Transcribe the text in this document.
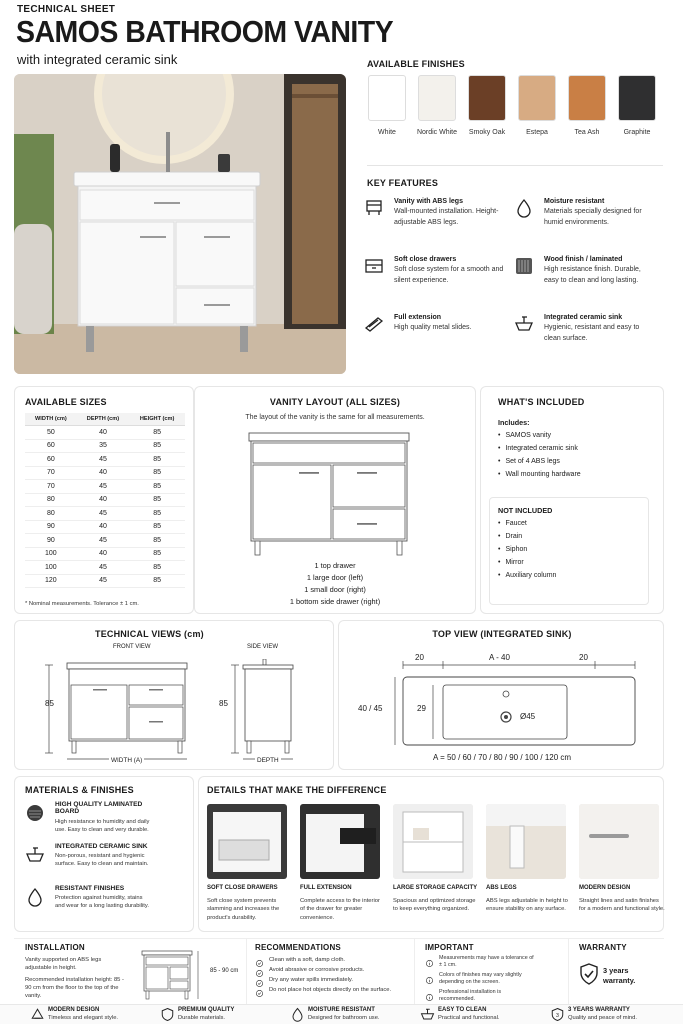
TECHNICAL SHEET
SAMOS BATHROOM VANITY
with integrated ceramic sink	AVAILABLE FINISHES
White	Nordic White	Smoky Oak	Estepa	Tea Ash	Graphite
KEY FEATURES
Vanity with ABS legs
Wall-mounted installation. Height-adjustable ABS legs.
Moisture resistant
Materials specially designed for humid environments.
Soft close drawers
Soft close system for a smooth and silent experience.
Wood finish / laminated
High resistance finish. Durable, easy to clean and long lasting.
Full extension
High quality metal slides.
Integrated ceramic sink
Hygienic, resistant and easy to clean surface.
AVAILABLE SIZES
WIDTH (cm)	DEPTH (cm)	HEIGHT (cm)
50	40	85
60	35	85
60	45	85
70	40	85
70	45	85
80	40	85
80	45	85
90	40	85
90	45	85
100	40	85
100	45	85
120	45	85
* Nominal measurements. Tolerance ± 1 cm.
VANITY LAYOUT (ALL SIZES)
The layout of the vanity is the same for all measurements.
1 top drawer
1 large door (left)
1 small door (right)
1 bottom side drawer (right)
WHAT'S INCLUDED
Includes:
• SAMOS vanity
• Integrated ceramic sink
• Set of 4 ABS legs
• Wall mounting hardware
NOT INCLUDED
• Faucet
• Drain
• Siphon
• Mirror
• Auxiliary column
TECHNICAL VIEWS (cm)
FRONT VIEW	SIDE VIEW
85
WIDTH (A)
85
DEPTH
TOP VIEW (INTEGRATED SINK)
20	A - 40	20
40 / 45	29
Ø45
A = 50 / 60 / 70 / 80 / 90 / 100 / 120 cm
MATERIALS & FINISHES
HIGH QUALITY LAMINATED BOARD
High resistance to humidity and daily use. Easy to clean and very durable.
INTEGRATED CERAMIC SINK
Non-porous, resistant and hygienic surface. Easy to clean and maintain.
RESISTANT FINISHES
Protection against humidity, stains and wear for a long lasting durability.
DETAILS THAT MAKE THE DIFFERENCE
SOFT CLOSE DRAWERS
Soft close system prevents slamming and increases the product's durability.
FULL EXTENSION
Complete access to the interior of the drawer for greater convenience.
LARGE STORAGE CAPACITY
Spacious and optimized storage to keep everything organized.
ABS LEGS
ABS legs adjustable in height to ensure stability on any surface.
MODERN DESIGN
Straight lines and satin finishes for a modern and functional style.
INSTALLATION
Vanity supported on ABS legs adjustable in height.
Recommended installation height: 85 - 90 cm from the floor to the top of the vanity.
85 - 90 cm
RECOMMENDATIONS
Clean with a soft, damp cloth.
Avoid abrasive or corrosive products.
Dry any water spills immediately.
Do not place hot objects directly on the surface.
IMPORTANT
Measurements may have a tolerance of ± 1 cm.
Colors of finishes may vary slightly depending on the screen.
Professional installation is recommended.
WARRANTY
3 years warranty.
MODERN DESIGN
Timeless and elegant style.
PREMIUM QUALITY
Durable materials.
MOISTURE RESISTANT
Designed for bathroom use.
EASY TO CLEAN
Practical and functional.	3
3 YEARS WARRANTY
Quality and peace of mind.
